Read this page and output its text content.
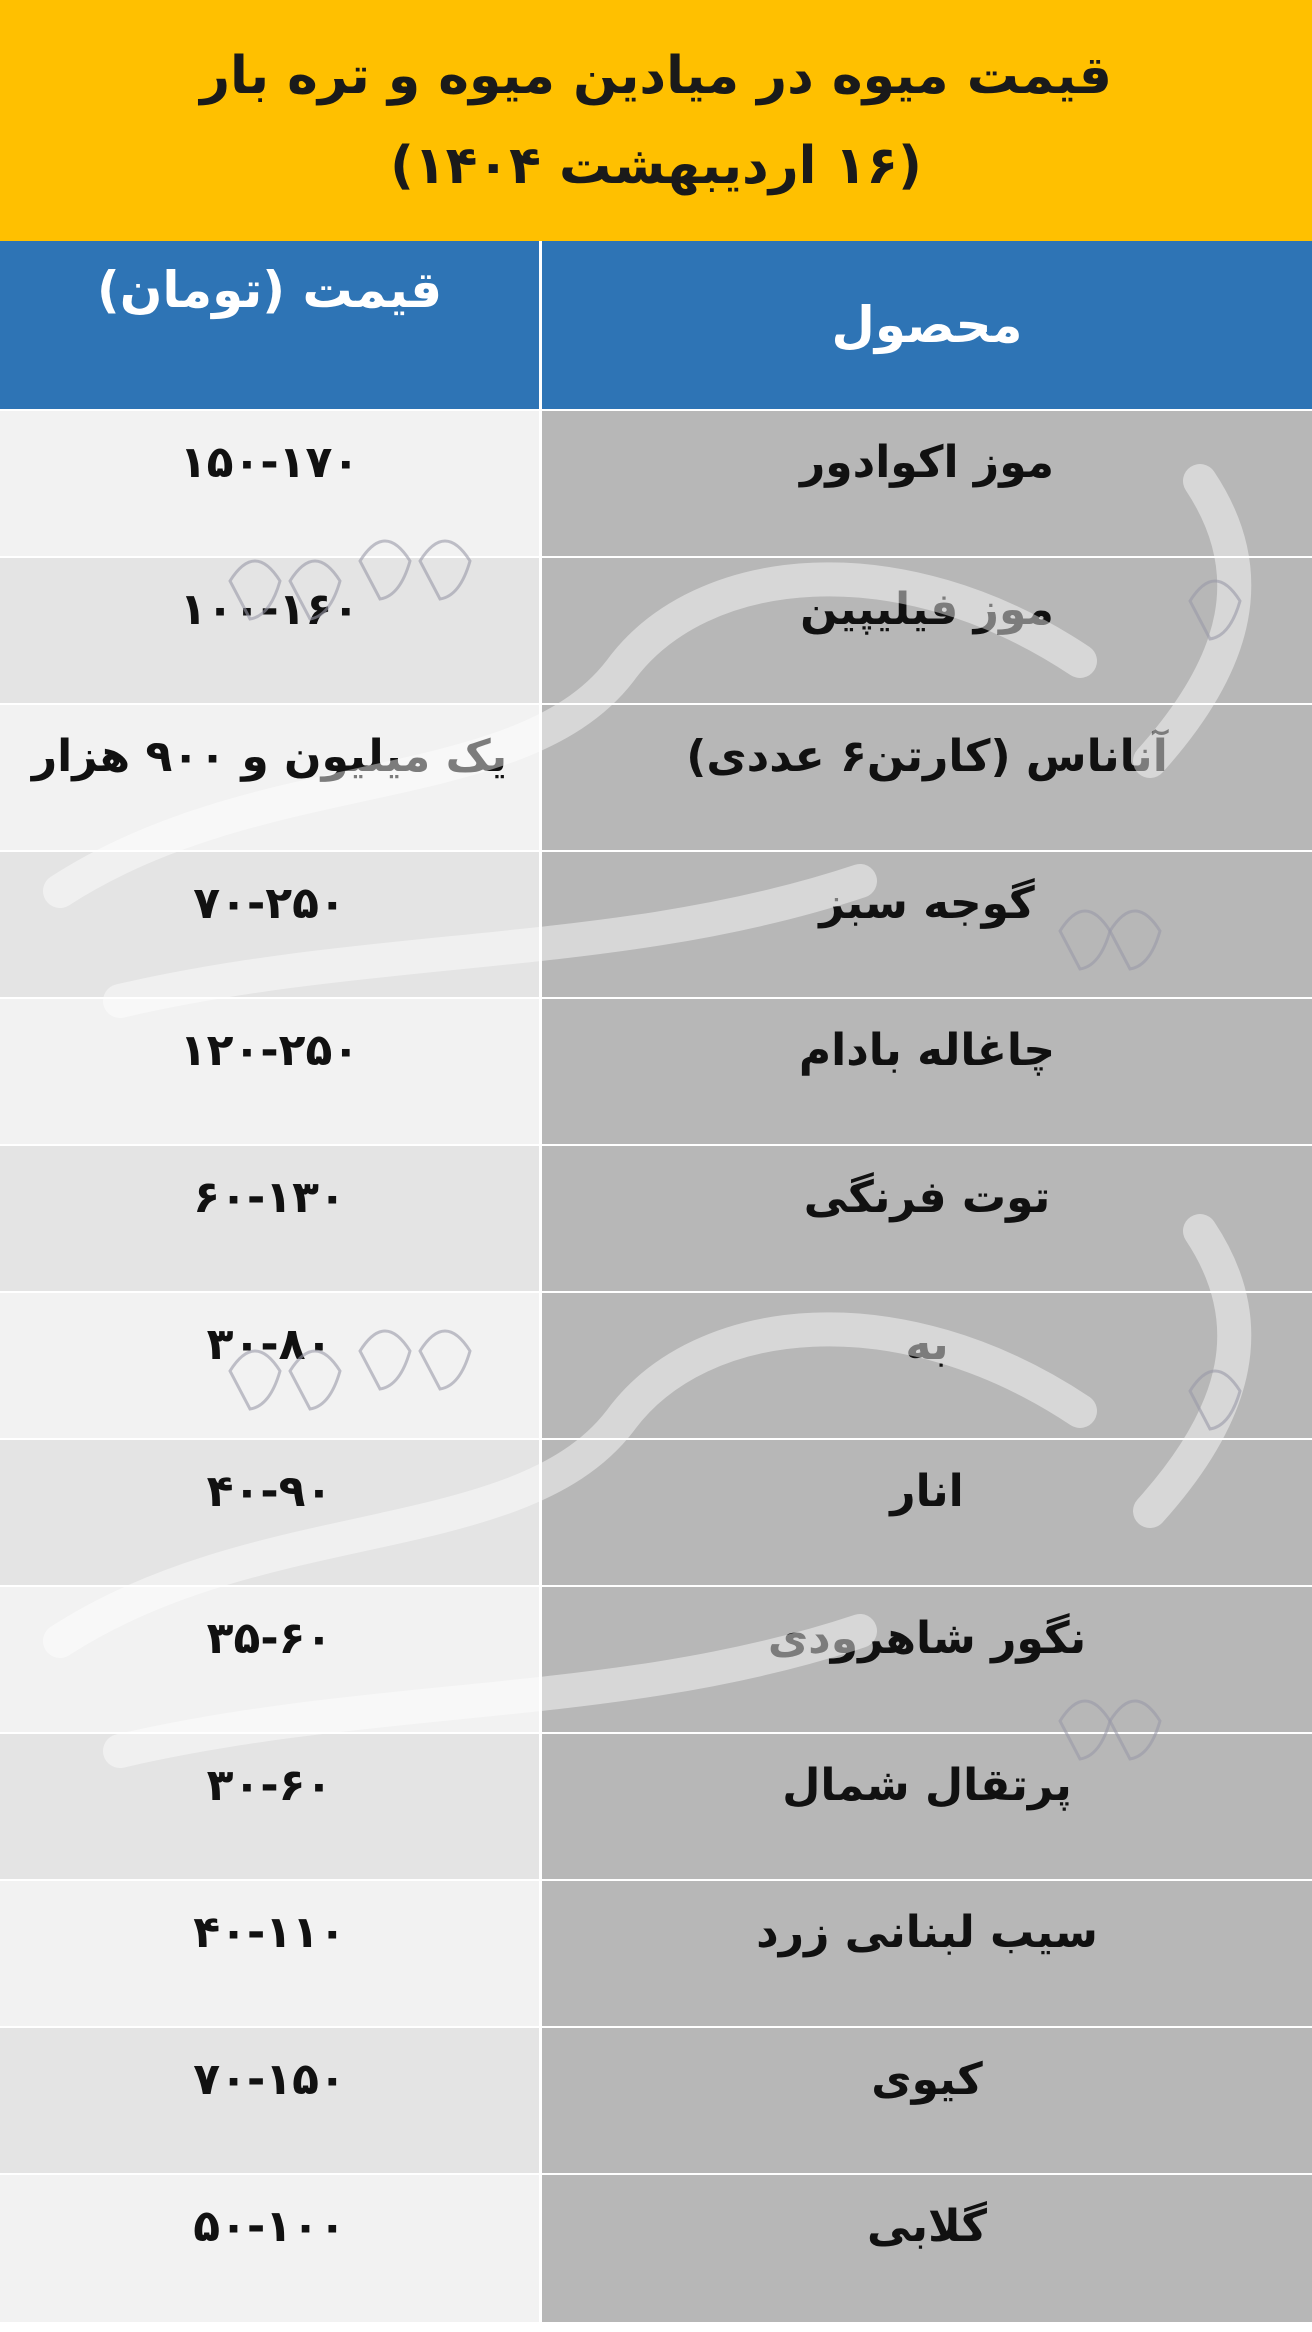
قیمت میوه در میادین میوه و تره بار
(۱۶ اردیبهشت ۱۴۰۴)
محصول
قیمت (تومان)
موز اکوادور
۱۵۰-۱۷۰
موز فیلیپین
۱۰۰-۱۶۰
آناناس (کارتن۶ عددی)
یک میلیون و ۹۰۰ هزار
گوجه سبز
۷۰-۲۵۰
چاغاله بادام
۱۲۰-۲۵۰
توت فرنگی
۶۰-۱۳۰
به
۳۰-۸۰
انار
۴۰-۹۰
نگور شاهرودی
۳۵-۶۰
پرتقال شمال
۳۰-۶۰
سیب لبنانی زرد
۴۰-۱۱۰
کیوی
۷۰-۱۵۰
گلابی
۵۰-۱۰۰
